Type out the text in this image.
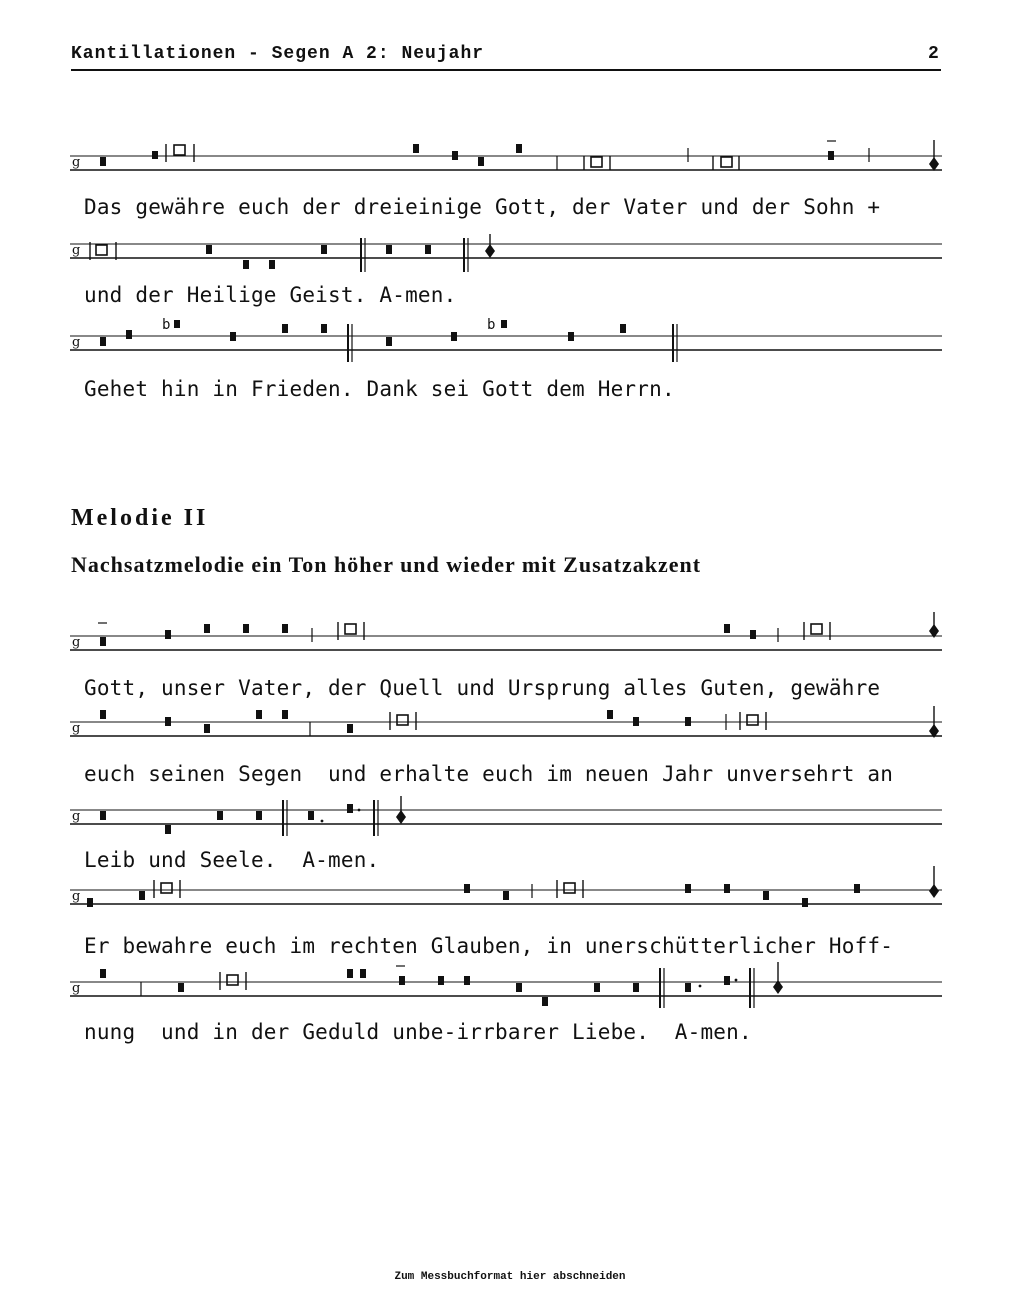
Kantillationen - Segen A 2: Neujahr	2
g
Das gewähre euch der dreieinige Gott, der Vater und der Sohn +
g
und der Heilige Geist. A-men.
g
b	b
Gehet hin in Frieden. Dank sei Gott dem Herrn.
Melodie II
Nachsatzmelodie ein Ton höher und wieder mit Zusatzakzent
g
Gott, unser Vater, der Quell und Ursprung alles Guten, gewähre
g
euch seinen Segen  und erhalte euch im neuen Jahr unversehrt an
g
Leib und Seele.  A-men.
g
Er bewahre euch im rechten Glauben, in unerschütterlicher Hoff-
g
nung  und in der Geduld unbe-irrbarer Liebe.  A-men.
Zum Messbuchformat hier abschneiden
